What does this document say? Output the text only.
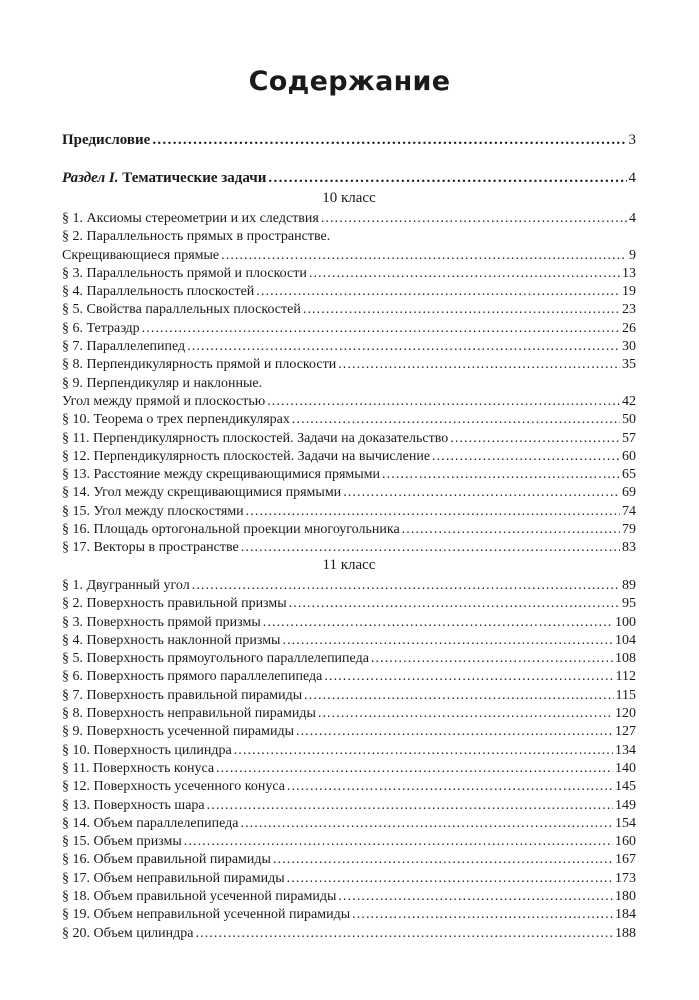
Содержание
Предисловие . . .	3
Раздел I. Тематические задачи . . .	4
10 класс
§ 1. Аксиомы стереометрии и их следствия . . .	4
§ 2. Параллельность прямых в пространстве.
Скрещивающиеся прямые . . .	9
§ 3. Параллельность прямой и плоскости . . .	13
§ 4. Параллельность плоскостей . . .	19
§ 5. Свойства параллельных плоскостей . . .	23
§ 6. Тетраэдр . . .	26
§ 7. Параллелепипед . . .	30
§ 8. Перпендикулярность прямой и плоскости . . .	35
§ 9. Перпендикуляр и наклонные.
Угол между прямой и плоскостью . . .	42
§ 10. Теорема о трех перпендикулярах . . .	50
§ 11. Перпендикулярность плоскостей. Задачи на доказательство . . .	57
§ 12. Перпендикулярность плоскостей. Задачи на вычисление . . .	60
§ 13. Расстояние между скрещивающимися прямыми . . .	65
§ 14. Угол между скрещивающимися прямыми . . .	69
§ 15. Угол между плоскостями . . .	74
§ 16. Площадь ортогональной проекции многоугольника . . .	79
§ 17. Векторы в пространстве . . .	83
11 класс
§ 1. Двугранный угол . . .	89
§ 2. Поверхность правильной призмы . . .	95
§ 3. Поверхность прямой призмы . . .	100
§ 4. Поверхность наклонной призмы . . .	104
§ 5. Поверхность прямоугольного параллелепипеда . . .	108
§ 6. Поверхность прямого параллелепипеда . . .	112
§ 7. Поверхность правильной пирамиды . . .	115
§ 8. Поверхность неправильной пирамиды . . .	120
§ 9. Поверхность усеченной пирамиды . . .	127
§ 10. Поверхность цилиндра . . .	134
§ 11. Поверхность конуса . . .	140
§ 12. Поверхность усеченного конуса . . .	145
§ 13. Поверхность шара . . .	149
§ 14. Объем параллелепипеда . . .	154
§ 15. Объем призмы . . .	160
§ 16. Объем правильной пирамиды . . .	167
§ 17. Объем неправильной пирамиды . . .	173
§ 18. Объем правильной усеченной пирамиды . . .	180
§ 19. Объем неправильной усеченной пирамиды . . .	184
§ 20. Объем цилиндра . . .	188
